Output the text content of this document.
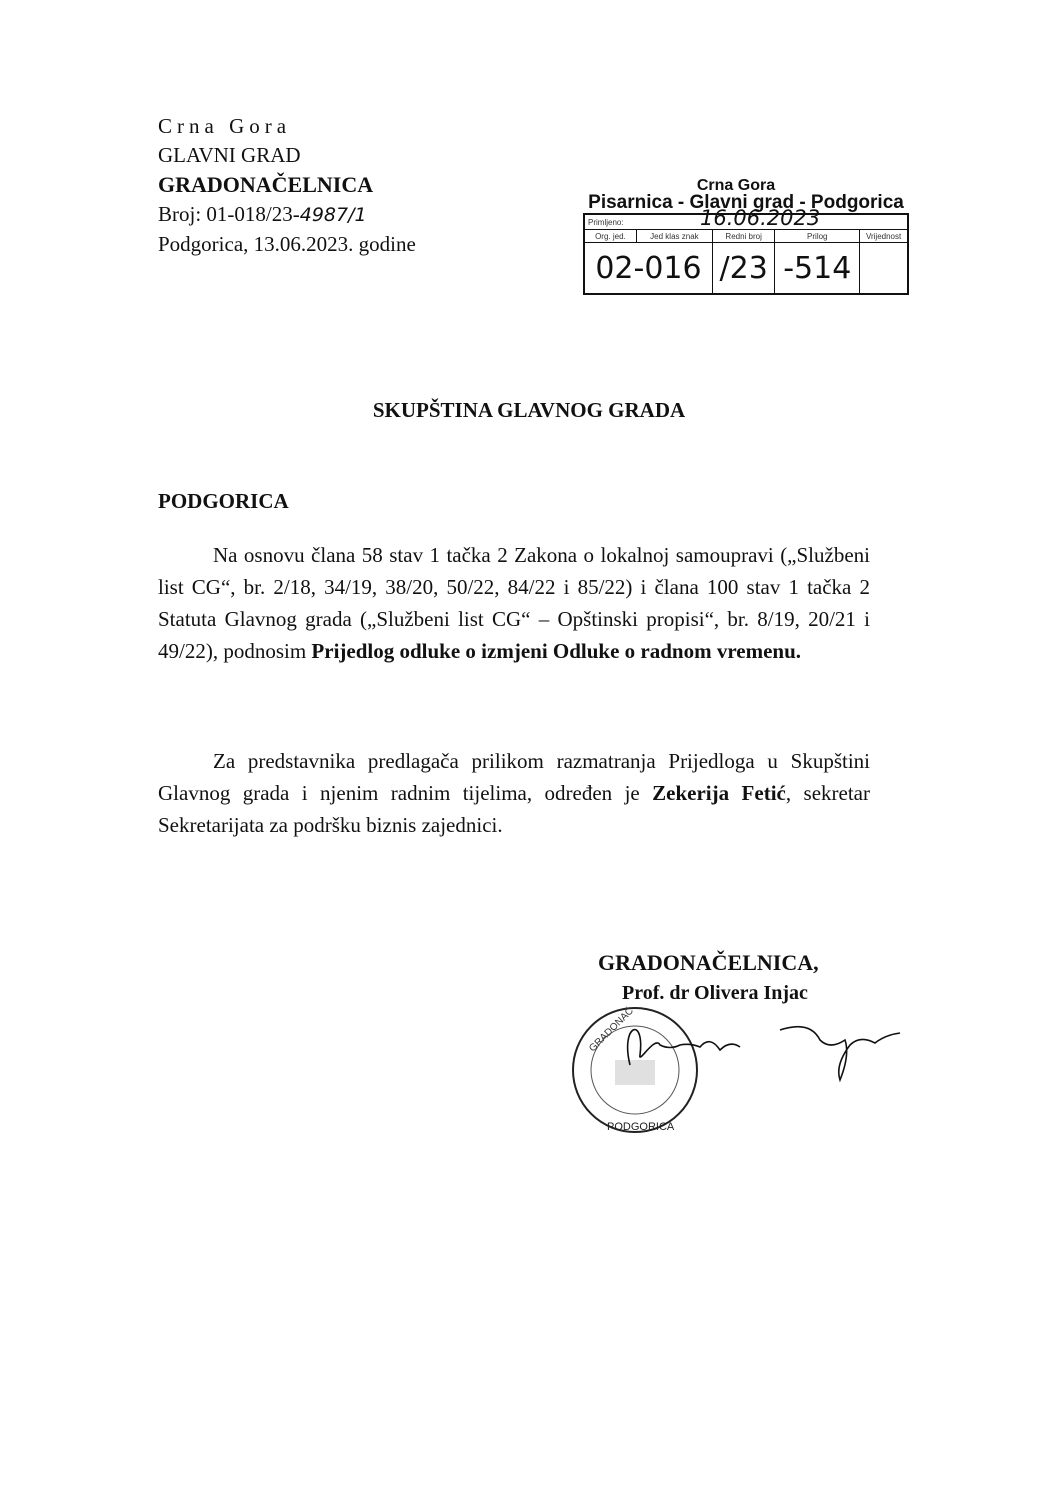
Crna Gora
GLAVNI GRAD
GRADONAČELNICA
Broj: 01-018/23-4987/1
Podgorica, 13.06.2023. godine
Crna Gora
Pisarnica - Glavni grad - Podgorica
Primljeno: 16.06.2023				

Org. jed.	Jed klas znak	Redni broj	Prilog	Vrijednost
02-016		/23	-514	
SKUPŠTINA GLAVNOG GRADA
PODGORICA
Na osnovu člana 58 stav 1 tačka 2 Zakona o lokalnoj samoupravi („Službeni list CG“, br. 2/18, 34/19, 38/20, 50/22, 84/22 i 85/22) i člana 100 stav 1 tačka 2 Statuta Glavnog grada („Službeni list CG“ – Opštinski propisi“, br. 8/19, 20/21 i 49/22), podnosim Prijedlog odluke o izmjeni Odluke o radnom vremenu.
Za predstavnika predlagača prilikom razmatranja Prijedloga u Skupštini Glavnog grada i njenim radnim tijelima, određen je Zekerija Fetić, sekretar Sekretarijata za podršku biznis zajednici.
GRADONAČELNICA,
Prof. dr Olivera Injac
PODGORICA
GRADONAČ
